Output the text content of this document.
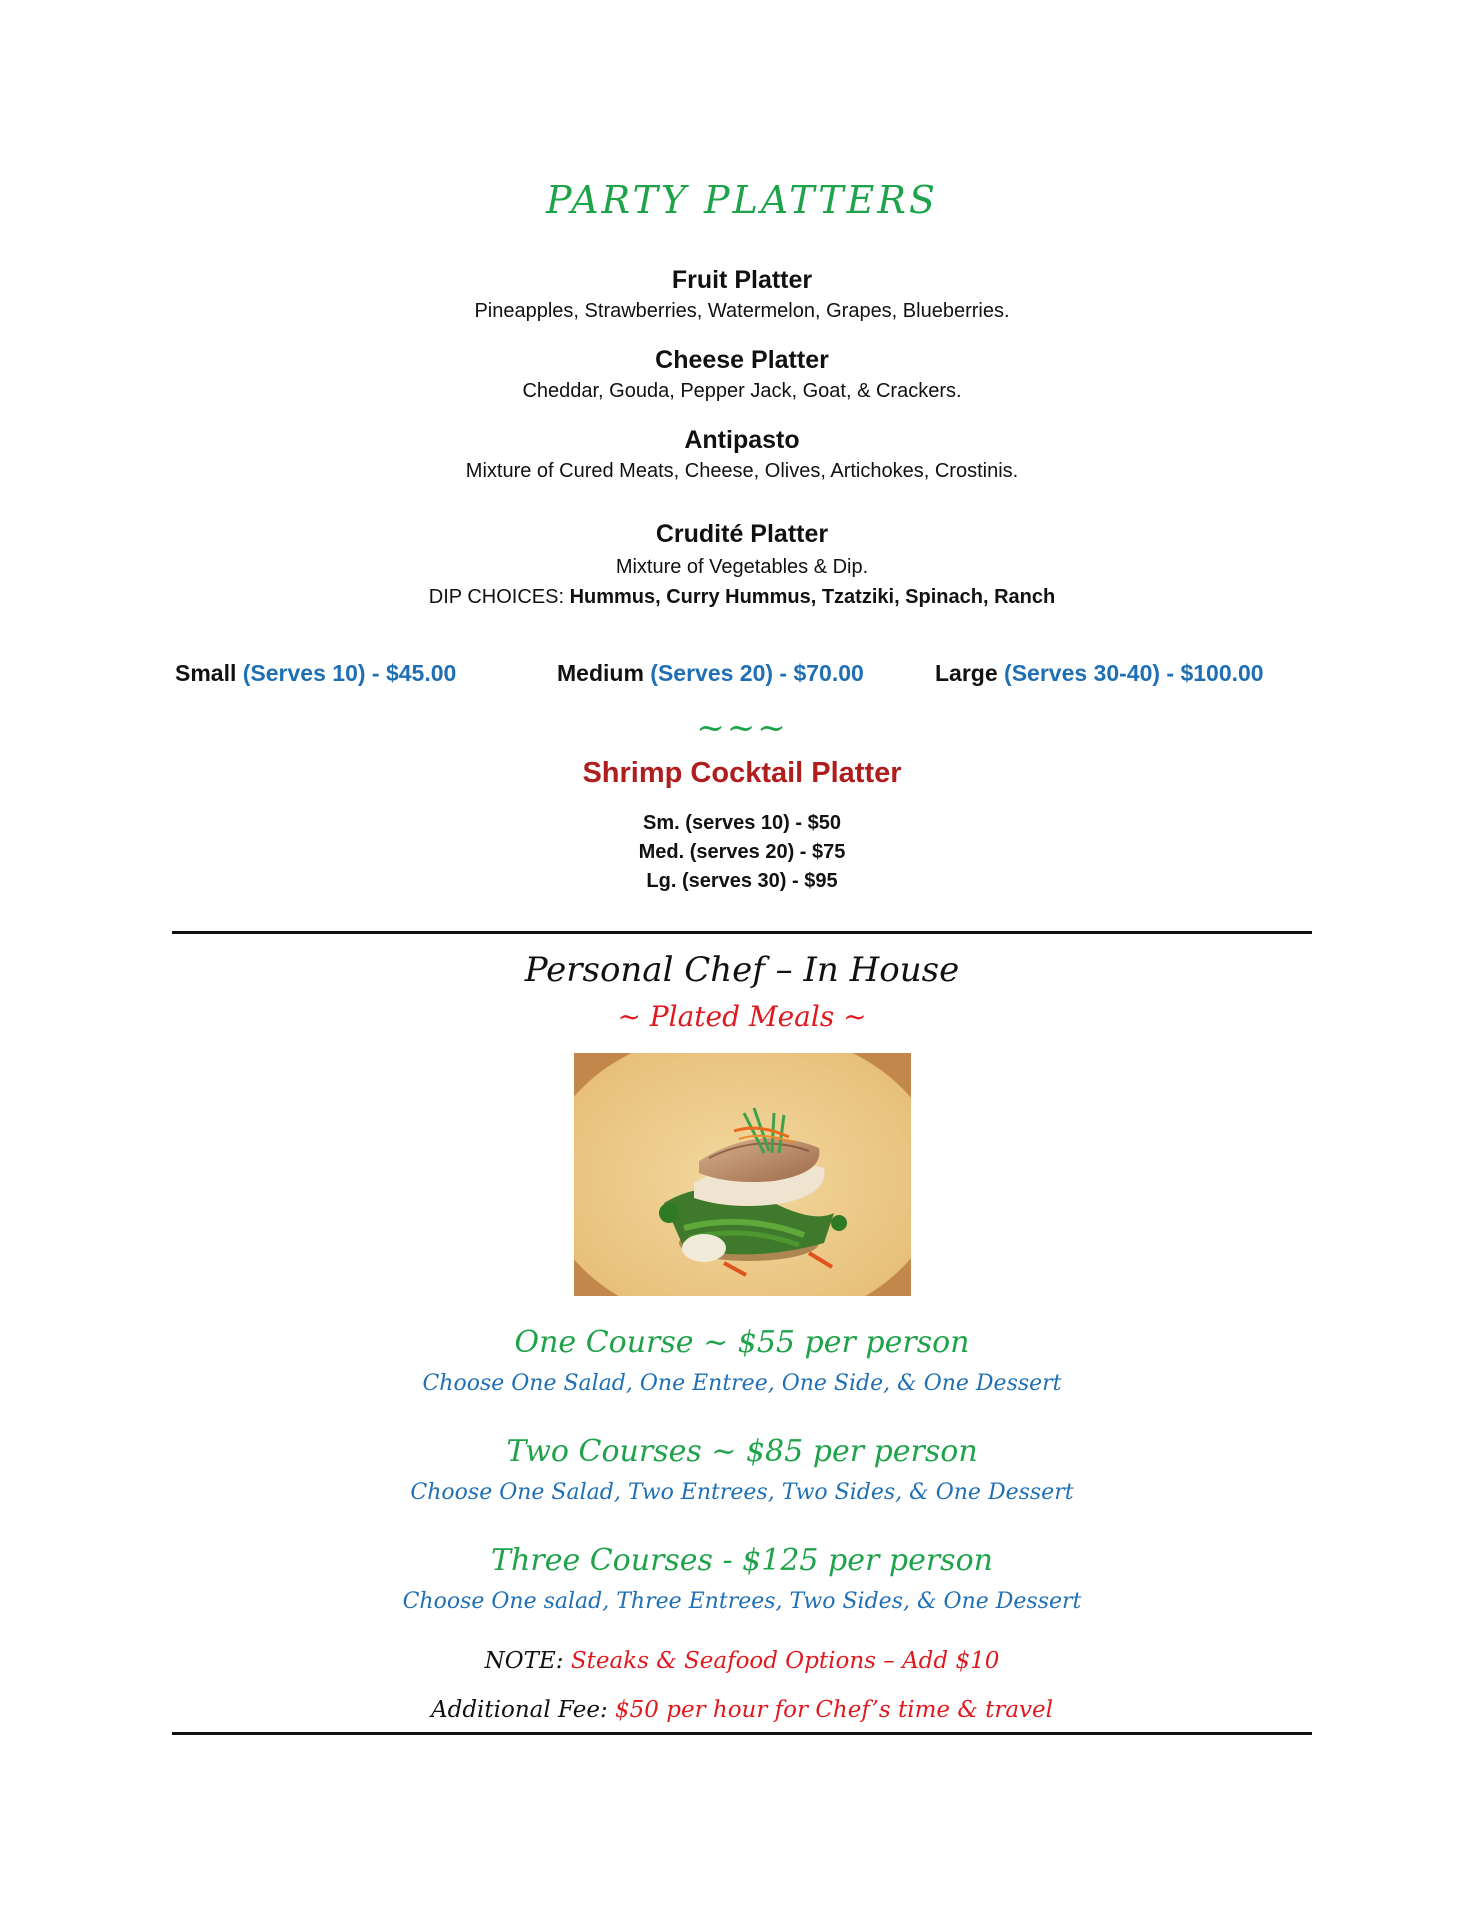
PARTY PLATTERS
Fruit Platter
Pineapples, Strawberries, Watermelon, Grapes, Blueberries.
Cheese Platter
Cheddar, Gouda, Pepper Jack, Goat, & Crackers.
Antipasto
Mixture of Cured Meats, Cheese, Olives, Artichokes, Crostinis.
Crudité Platter
Mixture of Vegetables & Dip.
DIP CHOICES: Hummus, Curry Hummus, Tzatziki, Spinach, Ranch
Small (Serves 10) - $45.00	Medium (Serves 20) - $70.00	Large (Serves 30-40) - $100.00
~~~
Shrimp Cocktail Platter
Sm. (serves 10) - $50
Med. (serves 20) - $75
Lg. (serves 30) - $95
Personal Chef – In House
~ Plated Meals ~
One Course ~ $55 per person
Choose One Salad, One Entree, One Side, & One Dessert
Two Courses ~ $85 per person
Choose One Salad, Two Entrees, Two Sides, & One Dessert
Three Courses - $125 per person
Choose One salad, Three Entrees, Two Sides, & One Dessert
NOTE: Steaks & Seafood Options – Add $10
Additional Fee: $50 per hour for Chef’s time & travel
